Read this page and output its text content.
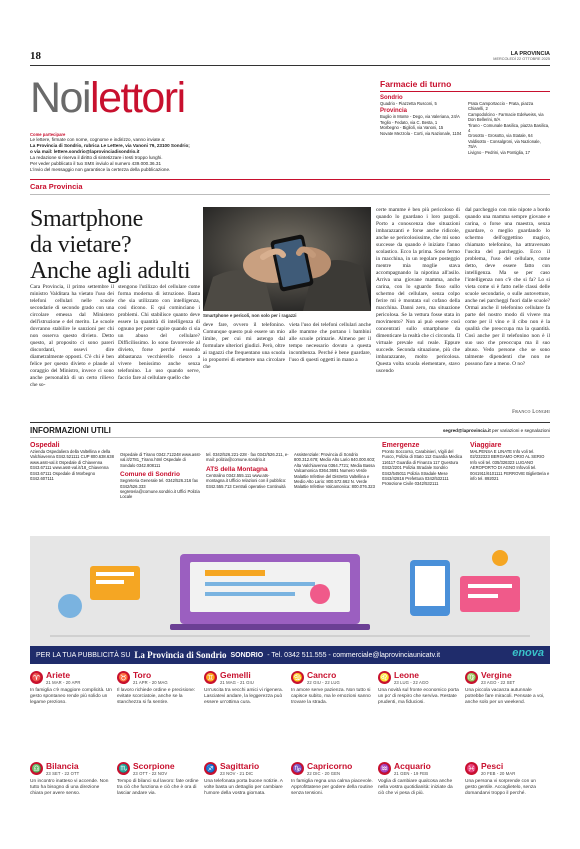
18	LA PROVINCIA
MERCOLEDÌ 22 OTTOBRE 2025
Noilettori
Come partecipare
Le lettere, firmate con nome, cognome e indirizzo, vanno inviate a:
La Provincia di Sondrio, rubrica Le Lettere, via Vanoni 79, 23100 Sondrio;
o via mail: lettere.sondrio@laprovinciadisondrio.it
La redazione si riserva il diritto di sintetizzare i testi troppo lunghi.
Per veder pubblicato il tuo SMS inviulo al numero 439.000.36.31
L'invio del messaggio non garantisce la certezza della pubblicazione.
Farmacie di turno
Sondrio
Quadrio - Piazzetta Rusconi, 5
Provincia
Buglio in Monte - Dego, via Valeriana, 24/A
Teglio - Fedato, via C. Besta, 1
Morbegno - Biglioli, via Vanoni, 15
Novate Mezzola - Corti, via Nazionale, 1104
Prata Camportaccio - Prata, piazza Chiarelli, 2
Campodolcino - Farmacie Edelweiss, via Don Bellerini, 8/A
Tirano - Comunale Basilica, piazza Basilica, 4
Grosotto - Grosotto, via Statale, 64
Valdisotto - Consalgroni, via Nazionale, 75/A
Livigno - Pedrini, via Pontiglia, 17
Cara Provincia
Smartphone
da vietare?
Anche agli adulti
Smartphone e pericoli, non solo per i ragazzi
Cara Provincia, il primo settembre il ministro Valditara ha vietato l'uso dei telefoni cellulari nelle scuole secondarie di secondo grado con una circolare emessa dal Ministero dell'istruzione e del merito. Le scuole dovranno stabilire le sanzioni per chi non osserva questo divieto. Detto questo, al proposito ci sono pareri discordanti, ossevi dire diametralmente opposti. C'è chi è ben felice per questo divieto e plaude al coraggio del Ministro, invece ci sono anche personalità di un certo rilievo che so-
stengono l'utilizzo del cellulare come forma moderna di istruzione. Basta che sia utilizzato con intelligenza, così dicono. E qui cominciano i problemi. Chi stabilisce quanto deve essere la quantità di intelligenza di ognuno per poter capire quando ci sia un abuso del cellulare? Difficilissimo. Io sono favorevole al divieto, forse perché essendo abbastanza vecchierello riesco a vivere benissimo anche senza telefonino. Lo uso quando serve, faccio fare al cellulare quello che
deve fare, ovvero il telefonino. Comunque questo può essere un mio limite, per cui mi astengo dal formulare ulteriori giudizi. Però, oltre ai ragazzi che frequentano una scuola io proporrei di emettere una circolare che
vieta l'uso dei telefoni cellulari anche alle mamme che portano i bambini alle scuole primarie. Almeno per il tempo necessario dovuto a questa incombenza. Perché è bene guardare, l'uso di questi oggetti in mano a
certe mamme è ben più pericoloso di quando lo guardano i loro pargoli. Porto a conoscenza due situazioni imbarazzanti e forse anche ridicole, anche se pericolosissime, che mi sono successe da quando è iniziato l'anno scolastico. Ecco la prima. Sono fermo in macchina, in un regolare posteggio mentre mia moglie stava accompagnando la nipotina all'asilo. Arriva una giovane mamma, anche carina, con lo sguardo fisso sullo schermo del cellulare, senza colpo ferire mi è montata sul cofano della macchina. Danni zero, ma situazione pericolosa. Se la vettura fosse stata in movimento? Non ai può essere così concentrati sullo smartphone da dimenticare la realtà che ci circonda. Il virtuale prevale sul reale. Eppure succede. Seconda situazione, più che imbarazzante, molto pericolosa. Questa volta scuola elementare, stavo uscendo
dal parcheggio con mio nipote a bordo quando una mamma sempre giovane e carina, o forse una maestra, senza guardare, o meglio guardando lo schermo dell'oggettino magico, chiamato telefonino, ha attraversato l'uscita del parcheggio. Ecco il problema, l'uso del cellulare, come detto, deve essere fatto con intelligenza. Ma se per caso l'intelligenza non c'è che si fa? Lo si vieta come si è fatto nelle classi delle scuole secondarie, o sulle autovetture, anche nei parcheggi fuori dalle scuole? Ormai anche il telefonino cellulare fa parte del nostro modo di vivere ma come per il vino e il cibo non è la qualità che preoccupa ma la quantità. Così anche per il telefonino non è il suo uso che preoccupa ma il suo abuso. Vedo persone che se sono talmente dipendenti che non ne possono fare a meno. O no?
Franco Longhi
INFORMAZIONI UTILI	segred@laprovincia.it per variazioni e segnalazioni
Ospedali
Azienda Ospedaliera della Valtellina e della Valchiavenna 0342.521111 CUP 800.638.638 www.asst-val.it Ospedale di Chiavenna 0343.67111 www.asst-val.it/18_Chiavenna 0343.67111 Ospedale di Morbegno 0342.607111
Ospedale di Tirano 0342.712248 www.asst-val.it/2781_Tirano.html Ospedale di Sondalo 0342.808111
Comune di Sondrio
Segreteria Generale tel. 0342/526.216 fax 0342/526.333 segreteria@comune.sondrio.it Uffici Polizia Locale
tel. 0342/526.221-228 · fax 0342/526.211, e-mail: polizia@comune.sondrio.it
ATS della Montagna
Centralino 0342.555.111 www.ats-montagna.it Ufficio relazioni con il pubblico: 0342.555.713 Centrali operative Continuità
Assistenziale: Provincia di Sondrio 800.312.678; Medio Alto Lario 840.000.603; Alta Valchiavenna 0364.7721; Media Bassa Valcamonica 0364.3691 Numero Verde Malattie Infettive del Distretto Valtellina e Medio Alto Lario: 800.572.662 N. Verde Malattie Infettive Valcamonica: 800.076.323
Emergenze
Pronto Soccorso, Carabinieri, Vigili del Fuoco, Polizia di Stato 112 Guardia Medica 116117 Guardia di Finanza 117 Questura 0342/2201 Polizia Stradale Sondrio 0342/545011 Polizia Stradale Mese 0343/42816 Prefettura 0342/532111 Protezione Civile 0342/532111
Viaggiare
MALPENSA E LINATE Info voli tel. 02/232323 BERGAMO ORIO AL SERIO Info voli tel. 035/326323 LUGANO AEROPORTO DI AGNO Infovoli tel. 0041911/6101111 FERROVIE Biglietteria e info tel. 892021
PER LA TUA PUBBLICITÀ SU La Provincia di Sondrio SONDRIO - Tel. 0342 511.555 - commerciale@laprovinciaunicatv.it	enova
♈ Ariete
21 MAR - 20 APR
In famiglia c'è maggiore complicità. Un gesto spontaneo rende più solido un legame prezioso.
♉ Toro
21 APR - 20 MAG
Il lavoro richiede ordine e precisione: evitate scorciatoie, anche se la stanchezza si fa sentire.
♊ Gemelli
21 MAG - 21 GIU
Un'uscita tra vecchi amici vi rigenera. Lasciatevi andare, la leggerezza può essere un'ottima cura.
♋ Cancro
22 GIU - 22 LUG
In amore serve pazienza. Non tutto si capisce subito, ma le emozioni sanno trovare la strada.
♌ Leone
23 LUG - 22 AGO
Una novità sul fronte economico porta un po' di respiro che serviva. Restate prudenti, ma fiduciosi.
♍ Vergine
23 AGO - 22 SET
Una piccola vacanza autunnale potrebbe fare miracoli. Pensate a voi, anche solo per un weekend.
♎ Bilancia
23 SET - 22 OTT
Un incontro inatteso vi accende. Non tutto ha bisogno di una direzione chiara per avere senso.
♏ Scorpione
23 OTT - 22 NOV
Tempo di bilanci sul lavoro: fate ordine tra ciò che funziona e ciò che è ora di lasciar andare via.
♐ Sagittario
23 NOV - 21 DIC
Una telefonata porta buone notizie. A volte basta un dettaglio per cambiare l'umore della vostra giornata.
♑ Capricorno
22 DIC - 20 GEN
In famiglia regna una calma piacevole. Approfittatene per godere della routine senza tensioni.
♒ Acquario
21 GEN - 19 FEB
Voglia di cambiare qualcosa anche nella vostra quotidianità: iniziate da ciò che vi pesa di più.
♓ Pesci
20 FEB - 20 MAR
Una persona vi sorprende con un gesto gentile. Accoglietelo, senza domandarvi troppo il perché.
